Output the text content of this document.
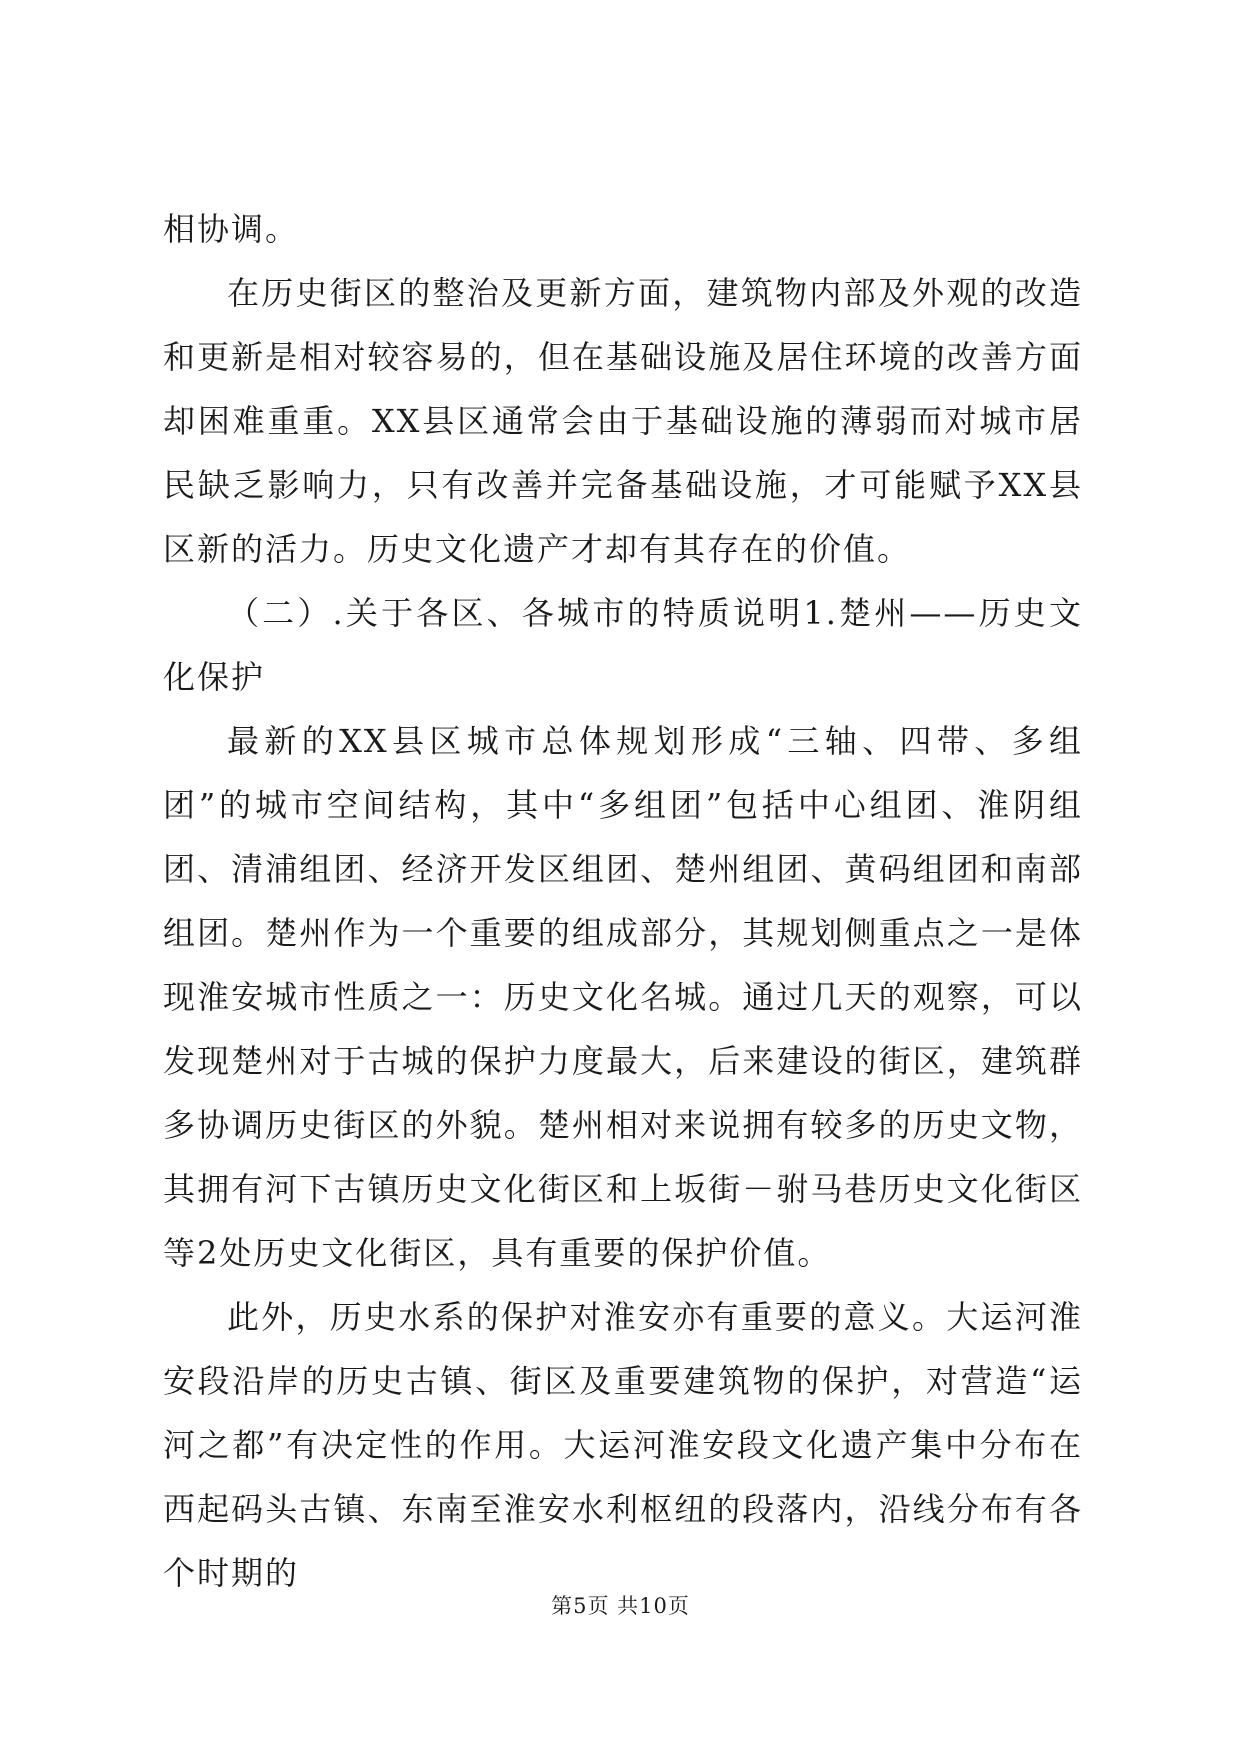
相协调。

在历史街区的整治及更新方面，建筑物内部及外观的改造和更新是相对较容易的，但在基础设施及居住环境的改善方面却困难重重。XX县区通常会由于基础设施的薄弱而对城市居民缺乏影响力，只有改善并完备基础设施，才可能赋予XX县区新的活力。历史文化遗产才却有其存在的价值。

（二）.关于各区、各城市的特质说明1.楚州——历史文化保护

最新的XX县区城市总体规划形成“三轴、四带、多组团”的城市空间结构，其中“多组团”包括中心组团、淮阴组团、清浦组团、经济开发区组团、楚州组团、黄码组团和南部组团。楚州作为一个重要的组成部分，其规划侧重点之一是体现淮安城市性质之一：历史文化名城。通过几天的观察，可以发现楚州对于古城的保护力度最大，后来建设的街区，建筑群多协调历史街区的外貌。楚州相对来说拥有较多的历史文物，其拥有河下古镇历史文化街区和上坂街－驸马巷历史文化街区等2处历史文化街区，具有重要的保护价值。

此外，历史水系的保护对淮安亦有重要的意义。大运河淮安段沿岸的历史古镇、街区及重要建筑物的保护，对营造“运河之都”有决定性的作用。大运河淮安段文化遗产集中分布在西起码头古镇、东南至淮安水利枢纽的段落内，沿线分布有各个时期的

第5页 共10页
